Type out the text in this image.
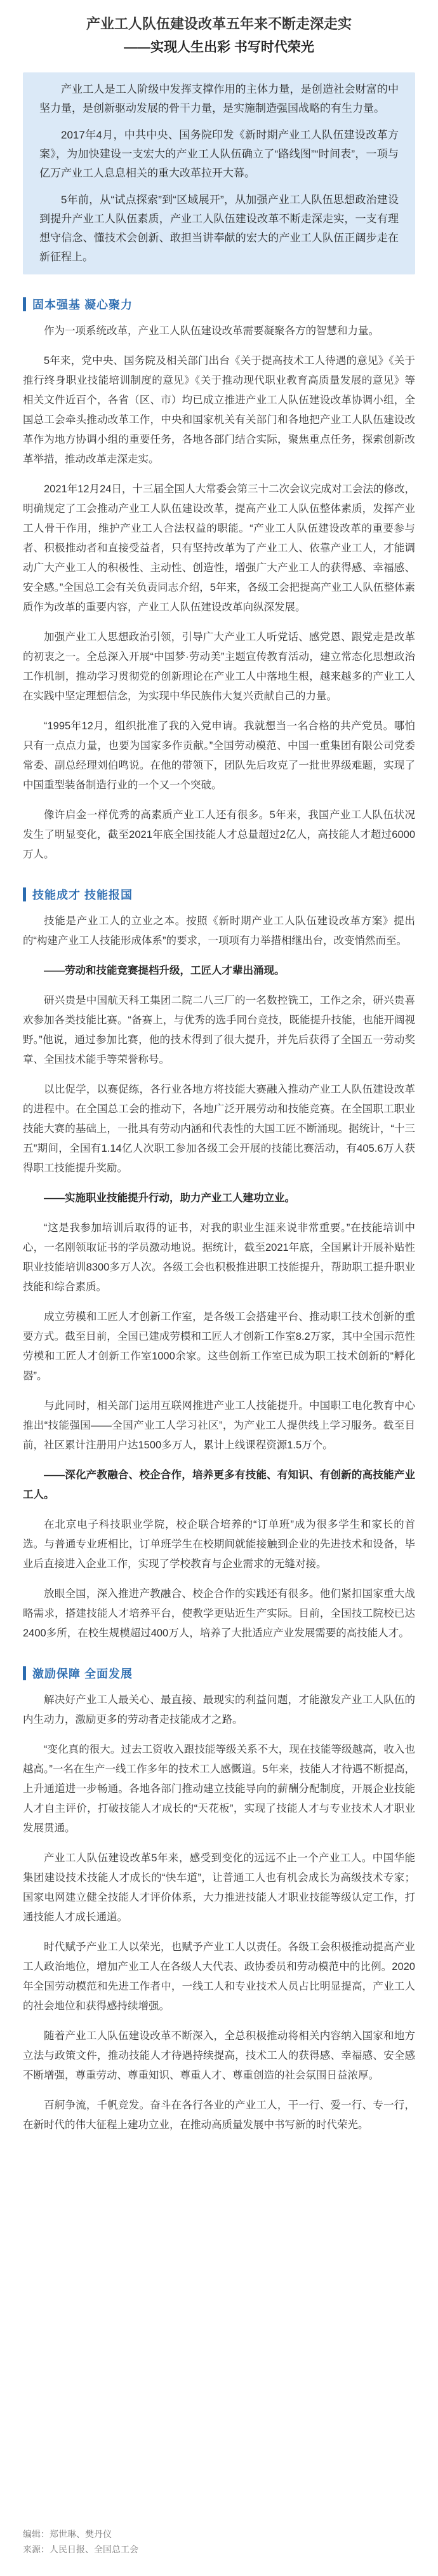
产业工人队伍建设改革五年来不断走深走实
——实现人生出彩 书写时代荣光

产业工人是工人阶级中发挥支撑作用的主体力量，是创造社会财富的中坚力量，是创新驱动发展的骨干力量，是实施制造强国战略的有生力量。

2017年4月，中共中央、国务院印发《新时期产业工人队伍建设改革方案》，为加快建设一支宏大的产业工人队伍确立了“路线图”“时间表”，一项与亿万产业工人息息相关的重大改革拉开大幕。

5年前，从“试点探索”到“区域展开”，从加强产业工人队伍思想政治建设到提升产业工人队伍素质，产业工人队伍建设改革不断走深走实，一支有理想守信念、懂技术会创新、敢担当讲奉献的宏大的产业工人队伍正阔步走在新征程上。

固本强基 凝心聚力

作为一项系统改革，产业工人队伍建设改革需要凝聚各方的智慧和力量。

5年来，党中央、国务院及相关部门出台《关于提高技术工人待遇的意见》《关于推行终身职业技能培训制度的意见》《关于推动现代职业教育高质量发展的意见》等相关文件近百个，各省（区、市）均已成立推进产业工人队伍建设改革协调小组，全国总工会牵头推动改革工作，中央和国家机关有关部门和各地把产业工人队伍建设改革作为地方协调小组的重要任务，各地各部门结合实际，聚焦重点任务，探索创新改革举措，推动改革走深走实。

2021年12月24日，十三届全国人大常委会第三十二次会议完成对工会法的修改，明确规定了工会推动产业工人队伍建设改革，提高产业工人队伍整体素质，发挥产业工人骨干作用，维护产业工人合法权益的职能。“产业工人队伍建设改革的重要参与者、积极推动者和直接受益者，只有坚持改革为了产业工人、依靠产业工人，才能调动广大产业工人的积极性、主动性、创造性，增强广大产业工人的获得感、幸福感、安全感。”全国总工会有关负责同志介绍，5年来，各级工会把提高产业工人队伍整体素质作为改革的重要内容，产业工人队伍建设改革向纵深发展。

加强产业工人思想政治引领，引导广大产业工人听党话、感党恩、跟党走是改革的初衷之一。全总深入开展“中国梦·劳动美”主题宣传教育活动，建立常态化思想政治工作机制，推动学习贯彻党的创新理论在产业工人中落地生根，越来越多的产业工人在实践中坚定理想信念，为实现中华民族伟大复兴贡献自己的力量。

“1995年12月，组织批准了我的入党申请。我就想当一名合格的共产党员。哪怕只有一点点力量，也要为国家多作贡献。”全国劳动模范、中国一重集团有限公司党委常委、副总经理刘伯鸣说。在他的带领下，团队先后攻克了一批世界级难题，实现了中国重型装备制造行业的一个又一个突破。

像许启金一样优秀的高素质产业工人还有很多。5年来，我国产业工人队伍状况发生了明显变化，截至2021年底全国技能人才总量超过2亿人，高技能人才超过6000万人。

技能成才 技能报国

技能是产业工人的立业之本。按照《新时期产业工人队伍建设改革方案》提出的“构建产业工人技能形成体系”的要求，一项项有力举措相继出台，改变悄然而至。

——劳动和技能竞赛提档升级，工匠人才辈出涌现。

研兴贵是中国航天科工集团二院二八三厂的一名数控铣工，工作之余，研兴贵喜欢参加各类技能比赛。“备赛上，与优秀的选手同台竞技，既能提升技能，也能开阔视野。”他说，通过参加比赛，他的技术得到了很大提升，并先后获得了全国五一劳动奖章、全国技术能手等荣誉称号。

以比促学，以赛促练，各行业各地方将技能大赛融入推动产业工人队伍建设改革的进程中。在全国总工会的推动下，各地广泛开展劳动和技能竞赛。在全国职工职业技能大赛的基础上，一批具有劳动内涵和代表性的大国工匠不断涌现。据统计，“十三五”期间，全国有1.14亿人次职工参加各级工会开展的技能比赛活动，有405.6万人获得职工技能提升奖励。

——实施职业技能提升行动，助力产业工人建功立业。

“这是我参加培训后取得的证书，对我的职业生涯来说非常重要。”在技能培训中心，一名刚领取证书的学员激动地说。据统计，截至2021年底，全国累计开展补贴性职业技能培训8300多万人次。各级工会也积极推进职工技能提升，帮助职工提升职业技能和综合素质。

成立劳模和工匠人才创新工作室，是各级工会搭建平台、推动职工技术创新的重要方式。截至目前，全国已建成劳模和工匠人才创新工作室8.2万家，其中全国示范性劳模和工匠人才创新工作室1000余家。这些创新工作室已成为职工技术创新的“孵化器”。

与此同时，相关部门运用互联网推进产业工人技能提升。中国职工电化教育中心推出“技能强国——全国产业工人学习社区”，为产业工人提供线上学习服务。截至目前，社区累计注册用户达1500多万人，累计上线课程资源1.5万个。

——深化产教融合、校企合作，培养更多有技能、有知识、有创新的高技能产业工人。

在北京电子科技职业学院，校企联合培养的“订单班”成为很多学生和家长的首选。与普通专业班相比，订单班学生在校期间就能接触到企业的先进技术和设备，毕业后直接进入企业工作，实现了学校教育与企业需求的无缝对接。

放眼全国，深入推进产教融合、校企合作的实践还有很多。他们紧扣国家重大战略需求，搭建技能人才培养平台，使教学更贴近生产实际。目前，全国技工院校已达2400多所，在校生规模超过400万人，培养了大批适应产业发展需要的高技能人才。

激励保障 全面发展

解决好产业工人最关心、最直接、最现实的利益问题，才能激发产业工人队伍的内生动力，激励更多的劳动者走技能成才之路。

“变化真的很大。过去工资收入跟技能等级关系不大，现在技能等级越高，收入也越高。”一名在生产一线工作多年的技术工人感慨道。5年来，技能人才待遇不断提高，上升通道进一步畅通。各地各部门推动建立技能导向的薪酬分配制度，开展企业技能人才自主评价，打破技能人才成长的“天花板”，实现了技能人才与专业技术人才职业发展贯通。

产业工人队伍建设改革5年来，感受到变化的远远不止一个产业工人。中国华能集团建设技术技能人才成长的“快车道”，让普通工人也有机会成长为高级技术专家；国家电网建立健全技能人才评价体系，大力推进技能人才职业技能等级认定工作，打通技能人才成长通道。

时代赋予产业工人以荣光，也赋予产业工人以责任。各级工会积极推动提高产业工人政治地位，增加产业工人在各级人大代表、政协委员和劳动模范中的比例。2020年全国劳动模范和先进工作者中，一线工人和专业技术人员占比明显提高，产业工人的社会地位和获得感持续增强。

随着产业工人队伍建设改革不断深入，全总积极推动将相关内容纳入国家和地方立法与政策文件，推动技能人才待遇持续提高，技术工人的获得感、幸福感、安全感不断增强，尊重劳动、尊重知识、尊重人才、尊重创造的社会氛围日益浓厚。

百舸争流，千帆竞发。奋斗在各行各业的产业工人，干一行、爱一行、专一行，在新时代的伟大征程上建功立业，在推动高质量发展中书写新的时代荣光。

编辑：郑世琳、樊丹仪
来源：人民日报、全国总工会
